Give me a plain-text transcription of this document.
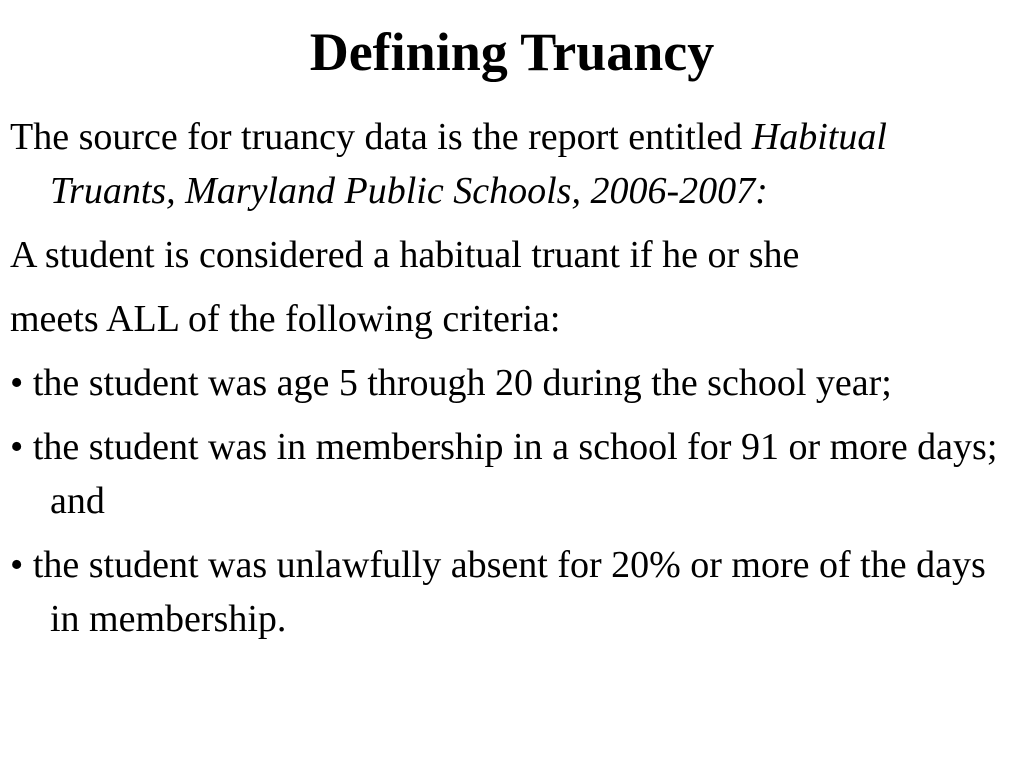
Defining Truancy

The source for truancy data is the report entitled Habitual Truants, Maryland Public Schools, 2006-2007:

A student is considered a habitual truant if he or she

meets ALL of the following criteria:

• the student was age 5 through 20 during the school year;

• the student was in membership in a school for 91 or more days; and

• the student was unlawfully absent for 20% or more of the days in membership.
